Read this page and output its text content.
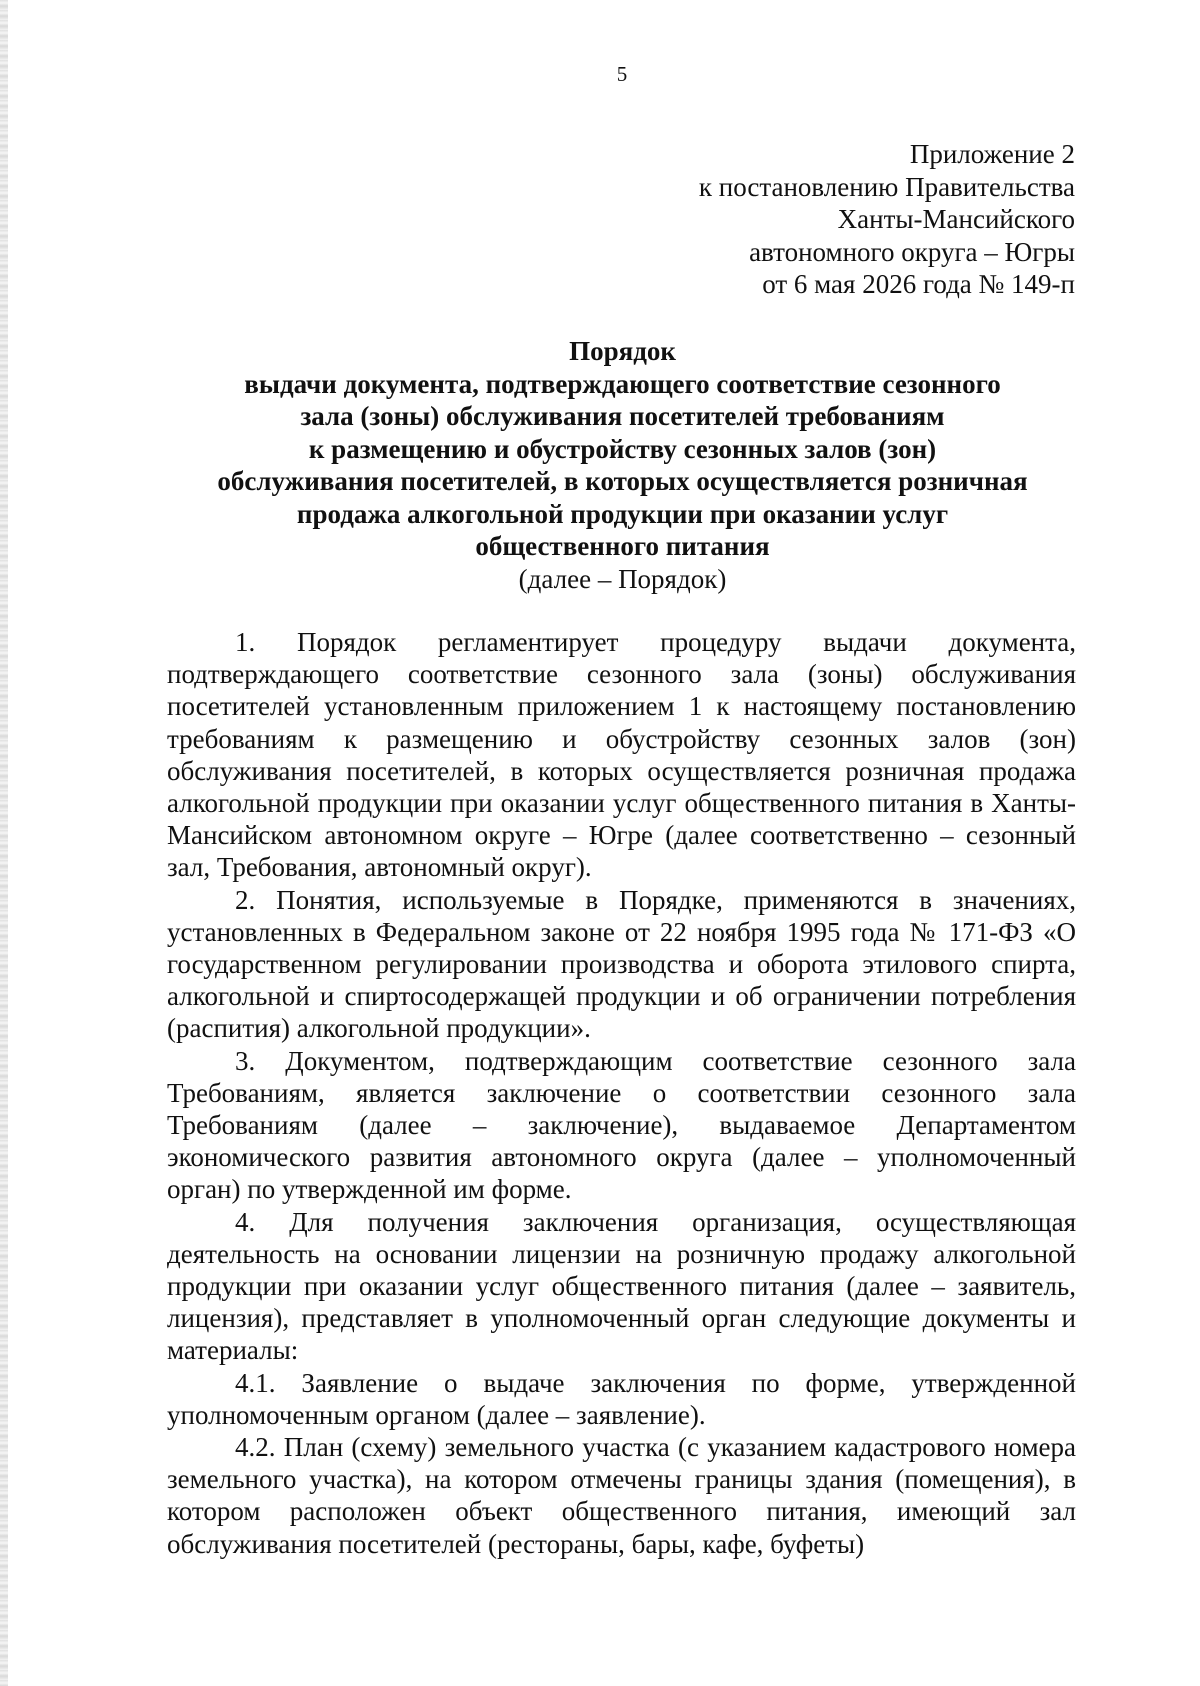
5
Приложение 2
к постановлению Правительства
Ханты-Мансийского
автономного округа – Югры
от 6 мая 2026 года № 149-п
Порядок
выдачи документа, подтверждающего соответствие сезонного
зала (зоны) обслуживания посетителей требованиям
к размещению и обустройству сезонных залов (зон)
обслуживания посетителей, в которых осуществляется розничная
продажа алкогольной продукции при оказании услуг
общественного питания
(далее – Порядок)

1. Порядок регламентирует процедуру выдачи документа, подтверждающего соответствие сезонного зала (зоны) обслуживания посетителей установленным приложением 1 к настоящему постановлению требованиям к размещению и обустройству сезонных залов (зон) обслуживания посетителей, в которых осуществляется розничная продажа алкогольной продукции при оказании услуг общественного питания в Ханты-Мансийском автономном округе – Югре (далее соответственно – сезонный зал, Требования, автономный округ).

2. Понятия, используемые в Порядке, применяются в значениях, установленных в Федеральном законе от 22 ноября 1995 года № 171-ФЗ «О государственном регулировании производства и оборота этилового спирта, алкогольной и спиртосодержащей продукции и об ограничении потребления (распития) алкогольной продукции».

3. Документом, подтверждающим соответствие сезонного зала Требованиям, является заключение о соответствии сезонного зала Требованиям (далее – заключение), выдаваемое Департаментом экономического развития автономного округа (далее – уполномоченный орган) по утвержденной им форме.

4. Для получения заключения организация, осуществляющая деятельность на основании лицензии на розничную продажу алкогольной продукции при оказании услуг общественного питания (далее – заявитель, лицензия), представляет в уполномоченный орган следующие документы и материалы:

4.1. Заявление о выдаче заключения по форме, утвержденной уполномоченным органом (далее – заявление).

4.2. План (схему) земельного участка (с указанием кадастрового номера земельного участка), на котором отмечены границы здания (помещения), в котором расположен объект общественного питания, имеющий зал обслуживания посетителей (рестораны, бары, кафе, буфеты)
